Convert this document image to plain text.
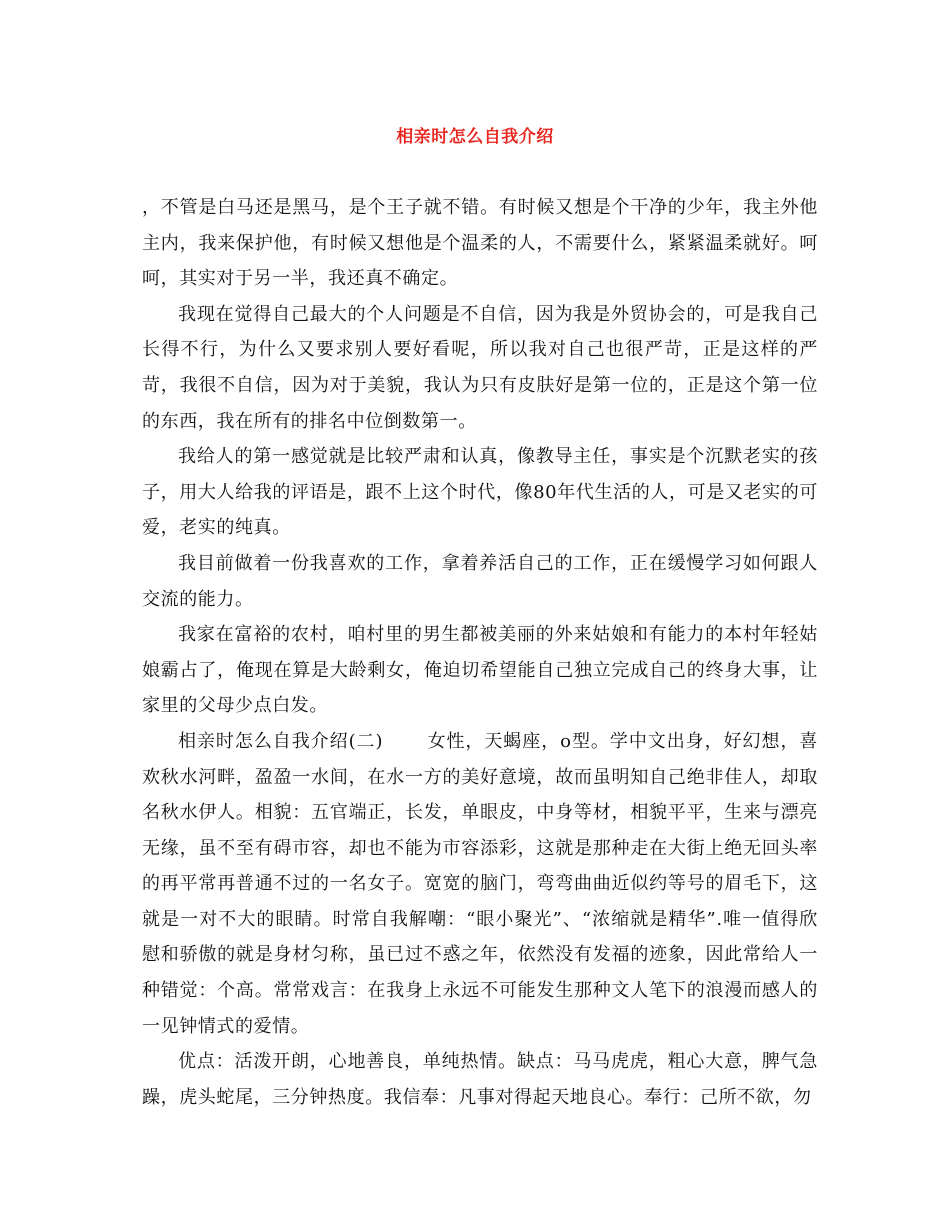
相亲时怎么自我介绍

，不管是白马还是黑马，是个王子就不错。有时候又想是个干净的少年，我主外他主内，我来保护他，有时候又想他是个温柔的人，不需要什么，紧紧温柔就好。呵呵，其实对于另一半，我还真不确定。

我现在觉得自己最大的个人问题是不自信，因为我是外贸协会的，可是我自己长得不行，为什么又要求别人要好看呢，所以我对自己也很严苛，正是这样的严苛，我很不自信，因为对于美貌，我认为只有皮肤好是第一位的，正是这个第一位的东西，我在所有的排名中位倒数第一。

我给人的第一感觉就是比较严肃和认真，像教导主任，事实是个沉默老实的孩子，用大人给我的评语是，跟不上这个时代，像80年代生活的人，可是又老实的可爱，老实的纯真。

我目前做着一份我喜欢的工作，拿着养活自己的工作，正在缓慢学习如何跟人交流的能力。

我家在富裕的农村，咱村里的男生都被美丽的外来姑娘和有能力的本村年轻姑娘霸占了，俺现在算是大龄剩女，俺迫切希望能自己独立完成自己的终身大事，让家里的父母少点白发。

相亲时怎么自我介绍(二) 女性，天蝎座，o型。学中文出身，好幻想，喜欢秋水河畔，盈盈一水间，在水一方的美好意境，故而虽明知自己绝非佳人，却取名秋水伊人。相貌：五官端正，长发，单眼皮，中身等材，相貌平平，生来与漂亮无缘，虽不至有碍市容，却也不能为市容添彩，这就是那种走在大街上绝无回头率的再平常再普通不过的一名女子。宽宽的脑门，弯弯曲曲近似约等号的眉毛下，这就是一对不大的眼睛。时常自我解嘲：“眼小聚光”、“浓缩就是精华”.唯一值得欣慰和骄傲的就是身材匀称，虽已过不惑之年，依然没有发福的迹象，因此常给人一种错觉：个高。常常戏言：在我身上永远不可能发生那种文人笔下的浪漫而感人的一见钟情式的爱情。

优点：活泼开朗，心地善良，单纯热情。缺点：马马虎虎，粗心大意，脾气急躁，虎头蛇尾，三分钟热度。我信奉：凡事对得起天地良心。奉行：己所不欲，勿
